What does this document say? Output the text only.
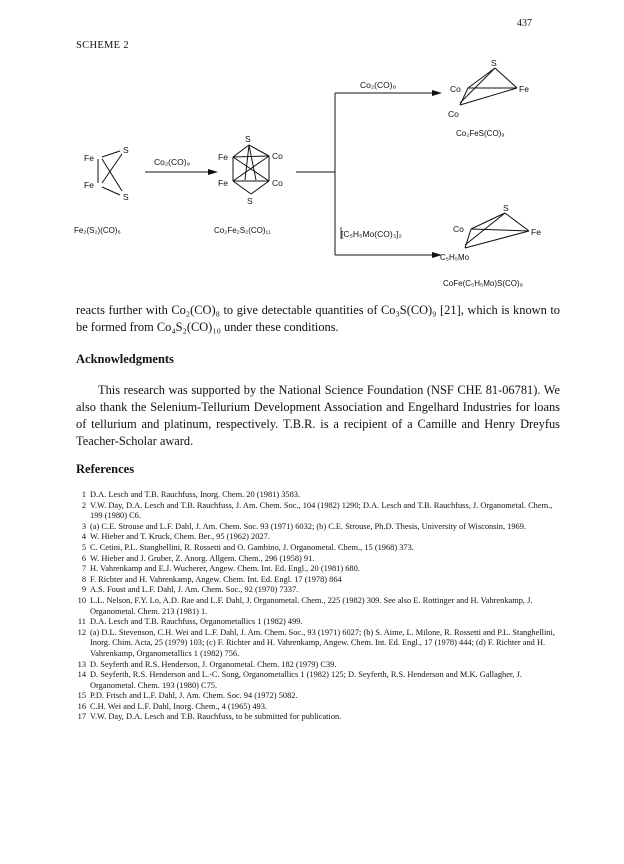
437
SCHEME 2
Fe
Fe
S
S
Fe₂(S₂)(CO)₆
Co₂(CO)₈
S
Fe	Co
Fe	Co
S
Co₂Fe₂S₂(CO)₁₁
Co₂(CO)₈
[C₅H₅Mo(CO)₃]₂
S
Co	Fe
Co
Co₂FeS(CO)₉
S
Co	Fe
C₅H₅Mo
CoFe(C₅H₅Mo)S(CO)₈

reacts further with Co₂(CO)₈ to give detectable quantities of Co₃S(CO)₉ [21], which is known to be formed from Co₄S₂(CO)₁₀ under these conditions.

Acknowledgments

This research was supported by the National Science Foundation (NSF CHE 81-06781). We also thank the Selenium-Tellurium Development Association and Engelhard Industries for loans of tellurium and platinum, respectively. T.B.R. is a recipient of a Camille and Henry Dreyfus Teacher-Scholar award.

References
1 D.A. Lesch and T.B. Rauchfuss, Inorg. Chem. 20 (1981) 3583.
2 V.W. Day, D.A. Lesch and T.B. Rauchfuss, J. Am. Chem. Soc., 104 (1982) 1290; D.A. Lesch and T.B. Rauchfuss, J. Organometal. Chem., 199 (1980) C6.
3 (a) C.E. Strouse and L.F. Dahl, J. Am. Chem. Soc. 93 (1971) 6032; (b) C.E. Strouse, Ph.D. Thesis, University of Wisconsin, 1969.
4 W. Hieber and T. Kruck, Chem. Ber., 95 (1962) 2027.
5 C. Cetini, P.L. Stanghellini, R. Rossetti and O. Gambino, J. Organometal. Chem., 15 (1968) 373.
6 W. Hieber and J. Gruber, Z. Anorg. Allgem. Chem., 296 (1958) 91.
7 H. Vahrenkamp and E.J. Wucherer, Angew. Chem. Int. Ed. Engl., 20 (1981) 680.
8 F. Richter and H. Vahrenkamp, Angew. Chem. Int. Ed. Engl. 17 (1978) 864
9 A.S. Foust and L.F. Dahl, J. Am. Chem. Soc., 92 (1970) 7337.
10 L.L. Nelson, F.Y. Lo, A.D. Rae and L.F. Dahl, J. Organometal. Chem., 225 (1982) 309. See also E. Rottinger and H. Vahrenkamp, J. Organometal. Chem. 213 (1981) 1.
11 D.A. Lesch and T.B. Rauchfuss, Organometallics 1 (1982) 499.
12 (a) D.L. Stevenson, C.H. Wei and L.F. Dahl, J. Am. Chem. Soc., 93 (1971) 6027; (b) S. Aime, L. Milone, R. Rossetti and P.L. Stanghellini, Inorg. Chim. Acta, 25 (1979) 103; (c) F. Richter and H. Vahrenkamp, Angew. Chem. Int. Ed. Engl., 17 (1978) 444; (d) F. Richter and H. Vahrenkamp, Organometallics 1 (1982) 756.
13 D. Seyferth and R.S. Henderson, J. Organometal. Chem. 182 (1979) C39.
14 D. Seyferth, R.S. Henderson and L.-C. Song, Organometallics 1 (1982) 125; D. Seyferth, R.S. Henderson and M.K. Gallagher, J. Organometal. Chem. 193 (1980) C75.
15 P.D. Frisch and L.F. Dahl, J. Am. Chem. Soc. 94 (1972) 5082.
16 C.H. Wei and L.F. Dahl, Inorg. Chem., 4 (1965) 493.
17 V.W. Day, D.A. Lesch and T.B. Rauchfuss, to be submitted for publication.
